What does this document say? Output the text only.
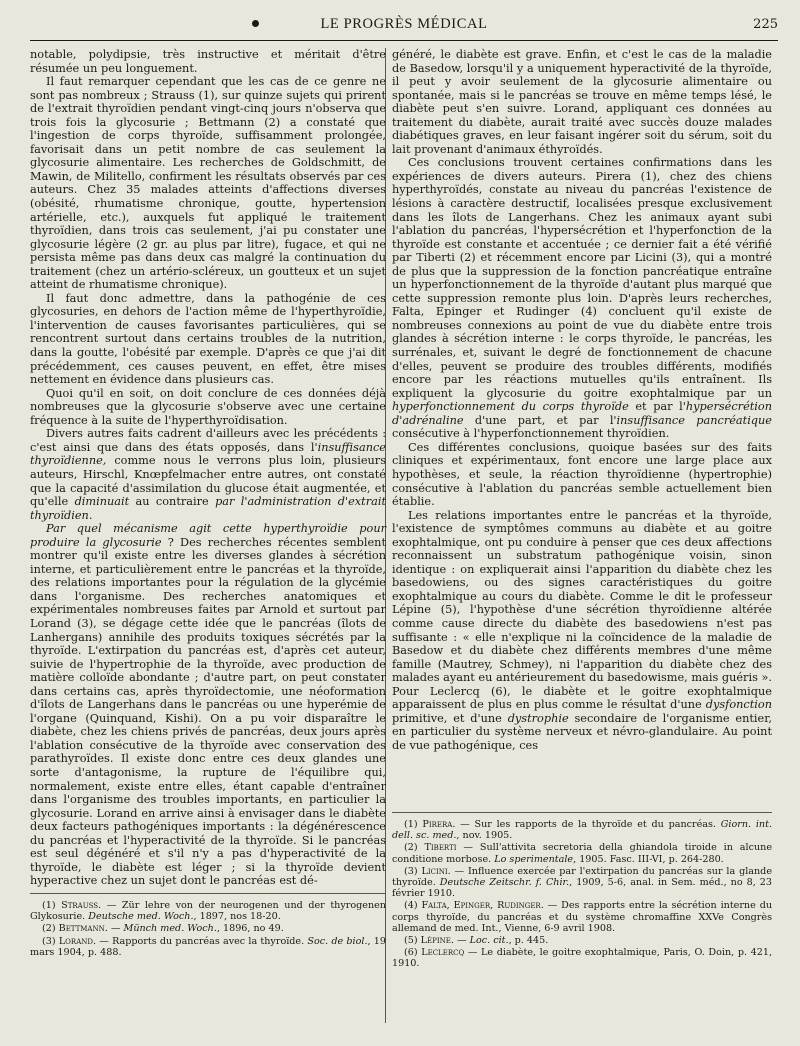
LE PROGRÈS MÉDICAL	225

notable, polydipsie, très instructive et méritait d'être résumée un peu longuement.

Il faut remarquer cependant que les cas de ce genre ne sont pas nombreux ; Strauss (1), sur quinze sujets qui prirent de l'extrait thyroïdien pendant vingt-cinq jours n'observa que trois fois la glycosurie ; Bettmann (2) a constaté que l'ingestion de corps thyroïde, suffisamment prolongée, favorisait dans un petit nombre de cas seulement la glycosurie alimentaire. Les recherches de Goldschmitt, de Mawin, de Militello, confirment les résultats observés par ces auteurs. Chez 35 malades atteints d'affections diverses (obésité, rhumatisme chronique, goutte, hypertension artérielle, etc.), auxquels fut appliqué le traitement thyroïdien, dans trois cas seulement, j'ai pu constater une glycosurie légère (2 gr. au plus par litre), fugace, et qui ne persista même pas dans deux cas malgré la continuation du traitement (chez un artério-scléreux, un goutteux et un sujet atteint de rhumatisme chronique).

Il faut donc admettre, dans la pathogénie de ces glycosuries, en dehors de l'action même de l'hyperthyroïdie, l'intervention de causes favorisantes particulières, qui se rencontrent surtout dans certains troubles de la nutrition, dans la goutte, l'obésité par exemple. D'après ce que j'ai dit précédemment, ces causes peuvent, en effet, être mises nettement en évidence dans plusieurs cas.

Quoi qu'il en soit, on doit conclure de ces données déjà nombreuses que la glycosurie s'observe avec une certaine fréquence à la suite de l'hyperthyroïdisation.

Divers autres faits cadrent d'ailleurs avec les précédents : c'est ainsi que dans des états opposés, dans l'insuffisance thyroïdienne, comme nous le verrons plus loin, plusieurs auteurs, Hirschl, Knœpfelmacher entre autres, ont constaté que la capacité d'assimilation du glucose était augmentée, et qu'elle diminuait au contraire par l'administration d'extrait thyroïdien.

Par quel mécanisme agit cette hyperthyroïdie pour produire la glycosurie ? Des recherches récentes semblent montrer qu'il existe entre les diverses glandes à sécrétion interne, et particulièrement entre le pancréas et la thyroïde, des relations importantes pour la régulation de la glycémie dans l'organisme. Des recherches anatomiques et expérimentales nombreuses faites par Arnold et surtout par Lorand (3), se dégage cette idée que le pancréas (îlots de Lanhergans) annihile des produits toxiques sécrétés par la thyroïde. L'extirpation du pancréas est, d'après cet auteur, suivie de l'hypertrophie de la thyroïde, avec production de matière colloïde abondante ; d'autre part, on peut constater dans certains cas, après thyroïdectomie, une néoformation d'îlots de Langerhans dans le pancréas ou une hyperémie de l'organe (Quinquand, Kishi). On a pu voir disparaître le diabète, chez les chiens privés de pancréas, deux jours après l'ablation consécutive de la thyroïde avec conservation des parathyroïdes. Il existe donc entre ces deux glandes une sorte d'antagonisme, la rupture de l'équilibre qui, normalement, existe entre elles, étant capable d'entraîner dans l'organisme des troubles importants, en particulier la glycosurie. Lorand en arrive ainsi à envisager dans le diabète deux facteurs pathogéniques importants : la dégénérescence du pancréas et l'hyperactivité de la thyroïde. Si le pancréas est seul dégénéré et s'il n'y a pas d'hyperactivité de la thyroïde, le diabète est léger ; si la thyroïde devient hyperactive chez un sujet dont le pancréas est dé-

(1) Strauss. — Zür lehre von der neurogenen und der thyrogenen Glykosurie. Deutsche med. Woch., 1897, nos 18-20.

(2) Bettmann. — Münch med. Woch., 1896, no 49.

(3) Lorand. — Rapports du pancréas avec la thyroïde. Soc. de biol., 19 mars 1904, p. 488.

généré, le diabète est grave. Enfin, et c'est le cas de la maladie de Basedow, lorsqu'il y a uniquement hyperactivité de la thyroïde, il peut y avoir seulement de la glycosurie alimentaire ou spontanée, mais si le pancréas se trouve en même temps lésé, le diabète peut s'en suivre. Lorand, appliquant ces données au traitement du diabète, aurait traité avec succès douze malades diabétiques graves, en leur faisant ingérer soit du sérum, soit du lait provenant d'animaux éthyroïdés.

Ces conclusions trouvent certaines confirmations dans les expériences de divers auteurs. Pirera (1), chez des chiens hyperthyroïdés, constate au niveau du pancréas l'existence de lésions à caractère destructif, localisées presque exclusivement dans les îlots de Langerhans. Chez les animaux ayant subi l'ablation du pancréas, l'hypersécrétion et l'hyperfonction de la thyroïde est constante et accentuée ; ce dernier fait a été vérifié par Tiberti (2) et récemment encore par Licini (3), qui a montré de plus que la suppression de la fonction pancréatique entraîne un hyperfonctionnement de la thyroïde d'autant plus marqué que cette suppression remonte plus loin. D'après leurs recherches, Falta, Epinger et Rudinger (4) concluent qu'il existe de nombreuses connexions au point de vue du diabète entre trois glandes à sécrétion interne : le corps thyroïde, le pancréas, les surrénales, et, suivant le degré de fonctionnement de chacune d'elles, peuvent se produire des troubles différents, modifiés encore par les réactions mutuelles qu'ils entraînent. Ils expliquent la glycosurie du goitre exophtalmique par un hyperfonctionnement du corps thyroïde et par l'hypersécrétion d'adrénaline d'une part, et par l'insuffisance pancréatique consécutive à l'hyperfonctionnement thyroïdien.

Ces différentes conclusions, quoique basées sur des faits cliniques et expérimentaux, font encore une large place aux hypothèses, et seule, la réaction thyroïdienne (hypertrophie) consécutive à l'ablation du pancréas semble actuellement bien établie.

Les relations importantes entre le pancréas et la thyroïde, l'existence de symptômes communs au diabète et au goitre exophtalmique, ont pu conduire à penser que ces deux affections reconnaissent un substratum pathogénique voisin, sinon identique : on expliquerait ainsi l'apparition du diabète chez les basedowiens, ou des signes caractéristiques du goitre exophtalmique au cours du diabète. Comme le dit le professeur Lépine (5), l'hypothèse d'une sécrétion thyroïdienne altérée comme cause directe du diabète des basedowiens n'est pas suffisante : « elle n'explique ni la coïncidence de la maladie de Basedow et du diabète chez différents membres d'une même famille (Mautrey, Schmey), ni l'apparition du diabète chez des malades ayant eu antérieurement du basedowisme, mais guéris ». Pour Leclercq (6), le diabète et le goitre exophtalmique apparaissent de plus en plus comme le résultat d'une dysfonction primitive, et d'une dystrophie secondaire de l'organisme entier, en particulier du système nerveux et névro-glandulaire. Au point de vue pathogénique, ces

(1) Pirera. — Sur les rapports de la thyroïde et du pancréas. Giorn. int. dell. sc. med., nov. 1905.

(2) Tiberti — Sull'attivita secretoria della ghiandola tiroide in alcune conditione morbose. Lo sperimentale, 1905. Fasc. III-VI, p. 264-280.

(3) Licini. — Influence exercée par l'extirpation du pancréas sur la glande thyroïde. Deutsche Zeitschr. f. Chir., 1909, 5-6, anal. in Sem. méd., no 8, 23 février 1910.

(4) Falta, Epinger, Rudinger. — Des rapports entre la sécrétion interne du corps thyroïde, du pancréas et du système chromaffine XXVe Congrès allemand de med. Int., Vienne, 6-9 avril 1908.

(5) Lépine. — Loc. cit., p. 445.

(6) Leclercq — Le diabète, le goitre exophtalmique, Paris, O. Doin, p. 421, 1910.
